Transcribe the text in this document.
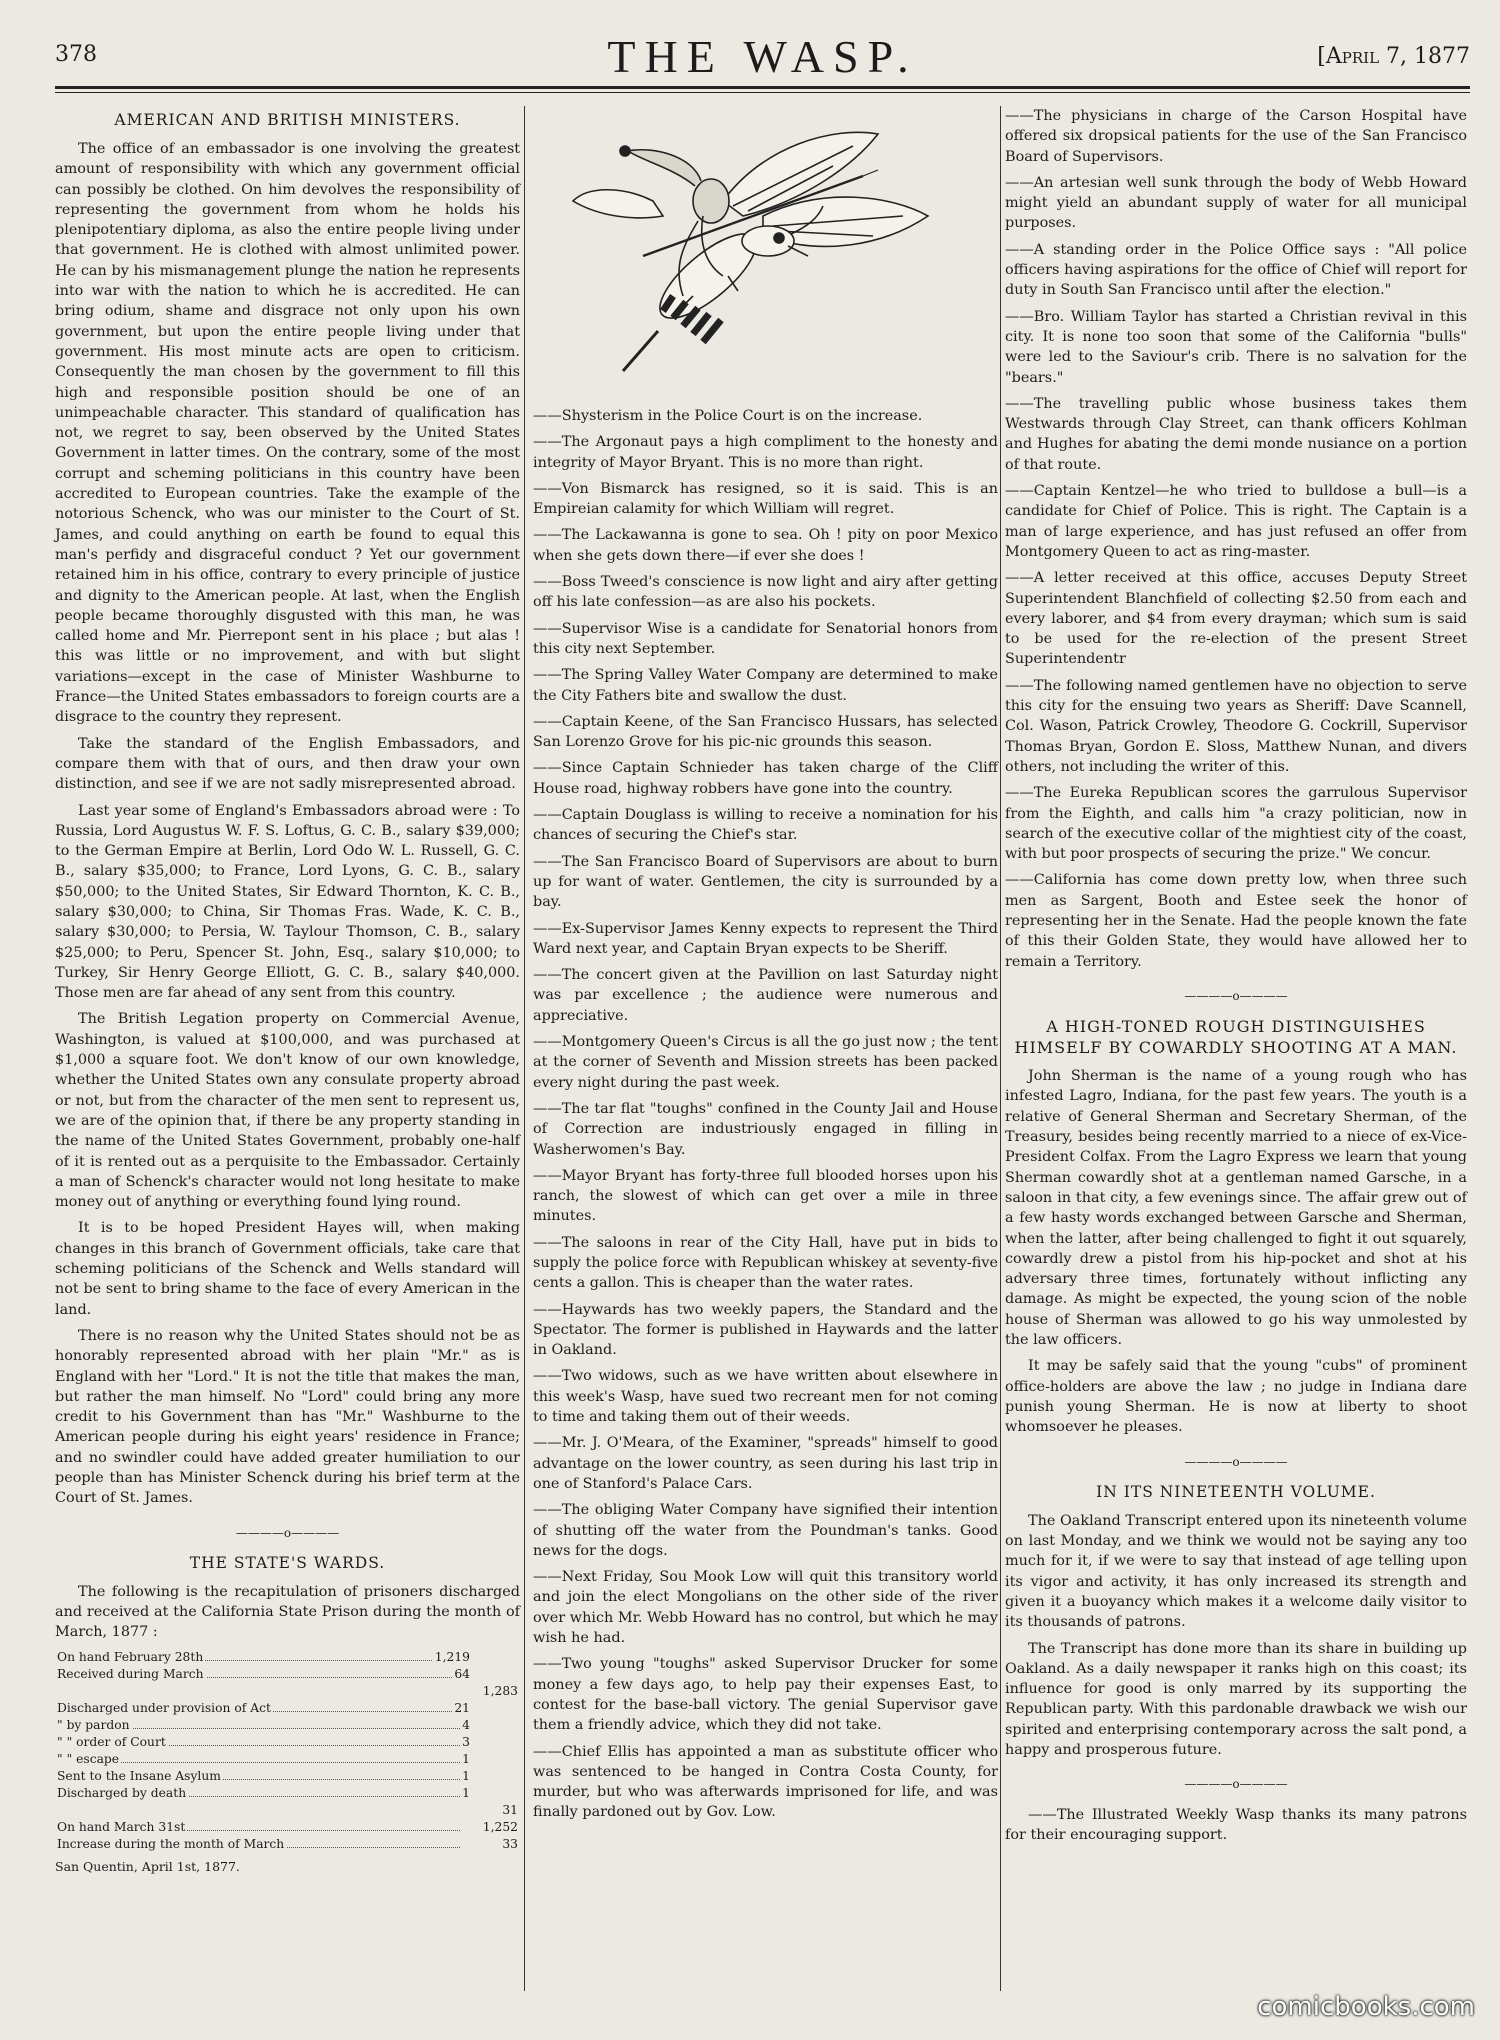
378	THE WASP.	[April 7, 1877
AMERICAN AND BRITISH MINISTERS.

The office of an embassador is one involving the greatest amount of responsibility with which any government official can possibly be clothed. On him devolves the responsibility of representing the government from whom he holds his plenipotentiary diploma, as also the entire people living under that government. He is clothed with almost unlimited power. He can by his mismanagement plunge the nation he represents into war with the nation to which he is accredited. He can bring odium, shame and disgrace not only upon his own government, but upon the entire people living under that government. His most minute acts are open to criticism. Consequently the man chosen by the government to fill this high and responsible position should be one of an unimpeachable character. This standard of qualification has not, we regret to say, been observed by the United States Government in latter times. On the contrary, some of the most corrupt and scheming politicians in this country have been accredited to European countries. Take the example of the notorious Schenck, who was our minister to the Court of St. James, and could anything on earth be found to equal this man's perfidy and disgraceful conduct ? Yet our government retained him in his office, contrary to every principle of justice and dignity to the American people. At last, when the English people became thoroughly disgusted with this man, he was called home and Mr. Pierrepont sent in his place ; but alas ! this was little or no improvement, and with but slight variations—except in the case of Minister Washburne to France—the United States embassadors to foreign courts are a disgrace to the country they represent.

Take the standard of the English Embassadors, and compare them with that of ours, and then draw your own distinction, and see if we are not sadly misrepresented abroad.

Last year some of England's Embassadors abroad were : To Russia, Lord Augustus W. F. S. Loftus, G. C. B., salary $39,000; to the German Empire at Berlin, Lord Odo W. L. Russell, G. C. B., salary $35,000; to France, Lord Lyons, G. C. B., salary $50,000; to the United States, Sir Edward Thornton, K. C. B., salary $30,000; to China, Sir Thomas Fras. Wade, K. C. B., salary $30,000; to Persia, W. Taylour Thomson, C. B., salary $25,000; to Peru, Spencer St. John, Esq., salary $10,000; to Turkey, Sir Henry George Elliott, G. C. B., salary $40,000. Those men are far ahead of any sent from this country.

The British Legation property on Commercial Avenue, Washington, is valued at $100,000, and was purchased at $1,000 a square foot. We don't know of our own knowledge, whether the United States own any consulate property abroad or not, but from the character of the men sent to represent us, we are of the opinion that, if there be any property standing in the name of the United States Government, probably one-half of it is rented out as a perquisite to the Embassador. Certainly a man of Schenck's character would not long hesitate to make money out of anything or everything found lying round.

It is to be hoped President Hayes will, when making changes in this branch of Government officials, take care that scheming politicians of the Schenck and Wells standard will not be sent to bring shame to the face of every American in the land.

There is no reason why the United States should not be as honorably represented abroad with her plain "Mr." as is England with her "Lord." It is not the title that makes the man, but rather the man himself. No "Lord" could bring any more credit to his Government than has "Mr." Washburne to the American people during his eight years' residence in France; and no swindler could have added greater humiliation to our people than has Minister Schenck during his brief term at the Court of St. James.

————o————
THE STATE'S WARDS.

The following is the recapitulation of prisoners discharged and received at the California State Prison during the month of March, 1877 :

On hand February 28th	1,219
Received during March	64
1,283
Discharged under provision of Act	21
" by pardon	4
" " order of Court	3
" " escape	1
Sent to the Insane Asylum	1
Discharged by death	1
31
On hand March 31st	1,252
Increase during the month of March	33
San Quentin, April 1st, 1877.

——Shysterism in the Police Court is on the increase.

——The Argonaut pays a high compliment to the honesty and integrity of Mayor Bryant. This is no more than right.

——Von Bismarck has resigned, so it is said. This is an Empireian calamity for which William will regret.

——The Lackawanna is gone to sea. Oh ! pity on poor Mexico when she gets down there—if ever she does !

——Boss Tweed's conscience is now light and airy after getting off his late confession—as are also his pockets.

——Supervisor Wise is a candidate for Senatorial honors from this city next September.

——The Spring Valley Water Company are determined to make the City Fathers bite and swallow the dust.

——Captain Keene, of the San Francisco Hussars, has selected San Lorenzo Grove for his pic-nic grounds this season.

——Since Captain Schnieder has taken charge of the Cliff House road, highway robbers have gone into the country.

——Captain Douglass is willing to receive a nomination for his chances of securing the Chief's star.

——The San Francisco Board of Supervisors are about to burn up for want of water. Gentlemen, the city is surrounded by a bay.

——Ex-Supervisor James Kenny expects to represent the Third Ward next year, and Captain Bryan expects to be Sheriff.

——The concert given at the Pavillion on last Saturday night was par excellence ; the audience were numerous and appreciative.

——Montgomery Queen's Circus is all the go just now ; the tent at the corner of Seventh and Mission streets has been packed every night during the past week.

——The tar flat "toughs" confined in the County Jail and House of Correction are industriously engaged in filling in Washerwomen's Bay.

——Mayor Bryant has forty-three full blooded horses upon his ranch, the slowest of which can get over a mile in three minutes.

——The saloons in rear of the City Hall, have put in bids to supply the police force with Republican whiskey at seventy-five cents a gallon. This is cheaper than the water rates.

——Haywards has two weekly papers, the Standard and the Spectator. The former is published in Haywards and the latter in Oakland.

——Two widows, such as we have written about elsewhere in this week's Wasp, have sued two recreant men for not coming to time and taking them out of their weeds.

——Mr. J. O'Meara, of the Examiner, "spreads" himself to good advantage on the lower country, as seen during his last trip in one of Stanford's Palace Cars.

——The obliging Water Company have signified their intention of shutting off the water from the Poundman's tanks. Good news for the dogs.

——Next Friday, Sou Mook Low will quit this transitory world and join the elect Mongolians on the other side of the river over which Mr. Webb Howard has no control, but which he may wish he had.

——Two young "toughs" asked Supervisor Drucker for some money a few days ago, to help pay their expenses East, to contest for the base-ball victory. The genial Supervisor gave them a friendly advice, which they did not take.

——Chief Ellis has appointed a man as substitute officer who was sentenced to be hanged in Contra Costa County, for murder, but who was afterwards imprisoned for life, and was finally pardoned out by Gov. Low.

——The physicians in charge of the Carson Hospital have offered six dropsical patients for the use of the San Francisco Board of Supervisors.

——An artesian well sunk through the body of Webb Howard might yield an abundant supply of water for all municipal purposes.

——A standing order in the Police Office says : "All police officers having aspirations for the office of Chief will report for duty in South San Francisco until after the election."

——Bro. William Taylor has started a Christian revival in this city. It is none too soon that some of the California "bulls" were led to the Saviour's crib. There is no salvation for the "bears."

——The travelling public whose business takes them Westwards through Clay Street, can thank officers Kohlman and Hughes for abating the demi monde nusiance on a portion of that route.

——Captain Kentzel—he who tried to bulldose a bull—is a candidate for Chief of Police. This is right. The Captain is a man of large experience, and has just refused an offer from Montgomery Queen to act as ring-master.

——A letter received at this office, accuses Deputy Street Superintendent Blanchfield of collecting $2.50 from each and every laborer, and $4 from every drayman; which sum is said to be used for the re-election of the present Street Superintendentr

——The following named gentlemen have no objection to serve this city for the ensuing two years as Sheriff: Dave Scannell, Col. Wason, Patrick Crowley, Theodore G. Cockrill, Supervisor Thomas Bryan, Gordon E. Sloss, Matthew Nunan, and divers others, not including the writer of this.

——The Eureka Republican scores the garrulous Supervisor from the Eighth, and calls him "a crazy politician, now in search of the executive collar of the mightiest city of the coast, with but poor prospects of securing the prize." We concur.

——California has come down pretty low, when three such men as Sargent, Booth and Estee seek the honor of representing her in the Senate. Had the people known the fate of this their Golden State, they would have allowed her to remain a Territory.

————o————
A HIGH-TONED ROUGH DISTINGUISHES HIMSELF BY COWARDLY SHOOTING AT A MAN.

John Sherman is the name of a young rough who has infested Lagro, Indiana, for the past few years. The youth is a relative of General Sherman and Secretary Sherman, of the Treasury, besides being recently married to a niece of ex-Vice-President Colfax. From the Lagro Express we learn that young Sherman cowardly shot at a gentleman named Garsche, in a saloon in that city, a few evenings since. The affair grew out of a few hasty words exchanged between Garsche and Sherman, when the latter, after being challenged to fight it out squarely, cowardly drew a pistol from his hip-pocket and shot at his adversary three times, fortunately without inflicting any damage. As might be expected, the young scion of the noble house of Sherman was allowed to go his way unmolested by the law officers.

It may be safely said that the young "cubs" of prominent office-holders are above the law ; no judge in Indiana dare punish young Sherman. He is now at liberty to shoot whomsoever he pleases.

————o————
IN ITS NINETEENTH VOLUME.

The Oakland Transcript entered upon its nineteenth volume on last Monday, and we think we would not be saying any too much for it, if we were to say that instead of age telling upon its vigor and activity, it has only increased its strength and given it a buoyancy which makes it a welcome daily visitor to its thousands of patrons.

The Transcript has done more than its share in building up Oakland. As a daily newspaper it ranks high on this coast; its influence for good is only marred by its supporting the Republican party. With this pardonable drawback we wish our spirited and enterprising contemporary across the salt pond, a happy and prosperous future.

————o————

——The Illustrated Weekly Wasp thanks its many patrons for their encouraging support.

comicbooks.com
